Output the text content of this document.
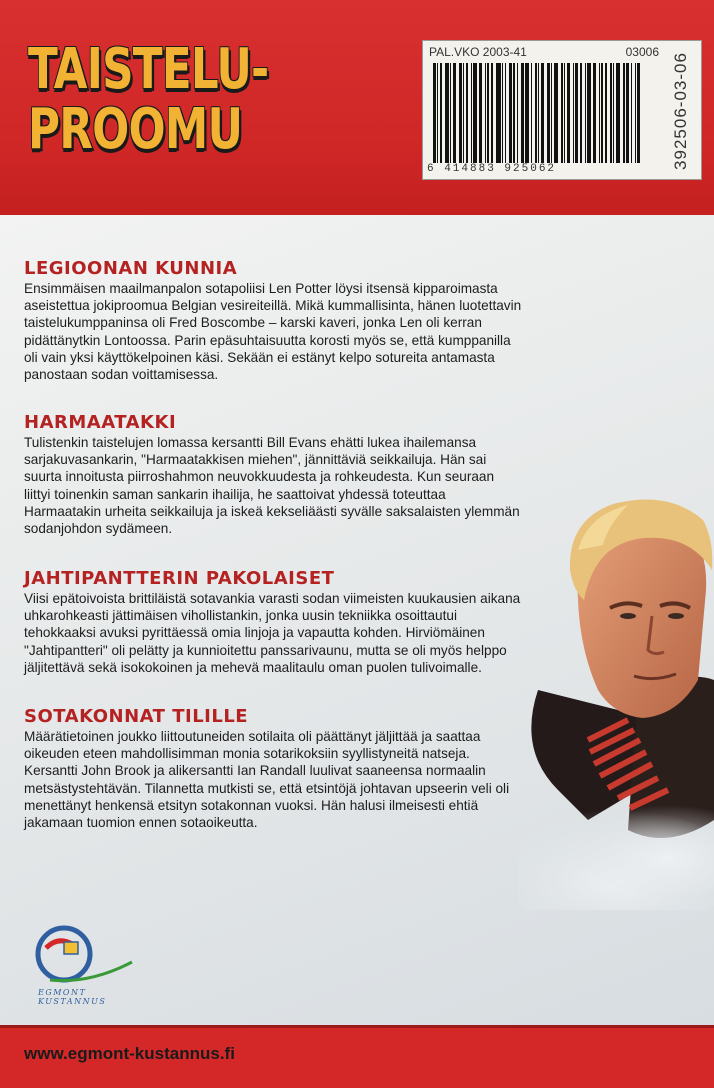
TAISTELU-
PROOMU
PAL.VKO 2003-41	03006
6 414883 925062	392506-03-06
LEGIOONAN KUNNIA
Ensimmäisen maailmanpalon sotapoliisi Len Potter löysi itsensä kipparoimasta aseistettua jokiproomua Belgian vesireiteillä. Mikä kummallisinta, hänen luotettavin taistelukumppaninsa oli Fred Boscombe – karski kaveri, jonka Len oli kerran pidättänytkin Lontoossa. Parin epäsuhtaisuutta korosti myös se, että kumppanilla oli vain yksi käyttökelpoinen käsi. Sekään ei estänyt kelpo sotureita antamasta panostaan sodan voittamisessa.
HARMAATAKKI
Tulistenkin taistelujen lomassa kersantti Bill Evans ehätti lukea ihailemansa sarjakuvasankarin, "Harmaatakkisen miehen", jännittäviä seikkailuja. Hän sai suurta innoitusta piirroshahmon neuvokkuudesta ja rohkeudesta. Kun seuraan liittyi toinenkin saman sankarin ihailija, he saattoivat yhdessä toteuttaa Harmaatakin urheita seikkailuja ja iskeä kekseliäästi syvälle saksalaisten ylemmän sodanjohdon sydämeen.
JAHTIPANTTERIN PAKOLAISET
Viisi epätoivoista brittiläistä sotavankia varasti sodan viimeisten kuukausien aikana uhkarohkeasti jättimäisen vihollistankin, jonka uusin tekniikka osoittautui tehokkaaksi avuksi pyrittäessä omia linjoja ja vapautta kohden. Hirviömäinen "Jahtipantteri" oli pelätty ja kunnioitettu panssarivaunu, mutta se oli myös helppo jäljitettävä sekä isokokoinen ja mehevä maalitaulu oman puolen tulivoimalle.
SOTAKONNAT TILILLE
Määrätietoinen joukko liittoutuneiden sotilaita oli päättänyt jäljittää ja saattaa oikeuden eteen mahdollisimman monia sotarikoksiin syyllistyneitä natseja. Kersantti John Brook ja alikersantti Ian Randall luulivat saaneensa normaalin metsästystehtävän. Tilannetta mutkisti se, että etsintöjä johtavan upseerin veli oli menettänyt henkensä etsityn sotakonnan vuoksi. Hän halusi ilmeisesti ehtiä jakamaan tuomion ennen sotaoikeutta.
EGMONT
KUSTANNUS
www.egmont-kustannus.fi
